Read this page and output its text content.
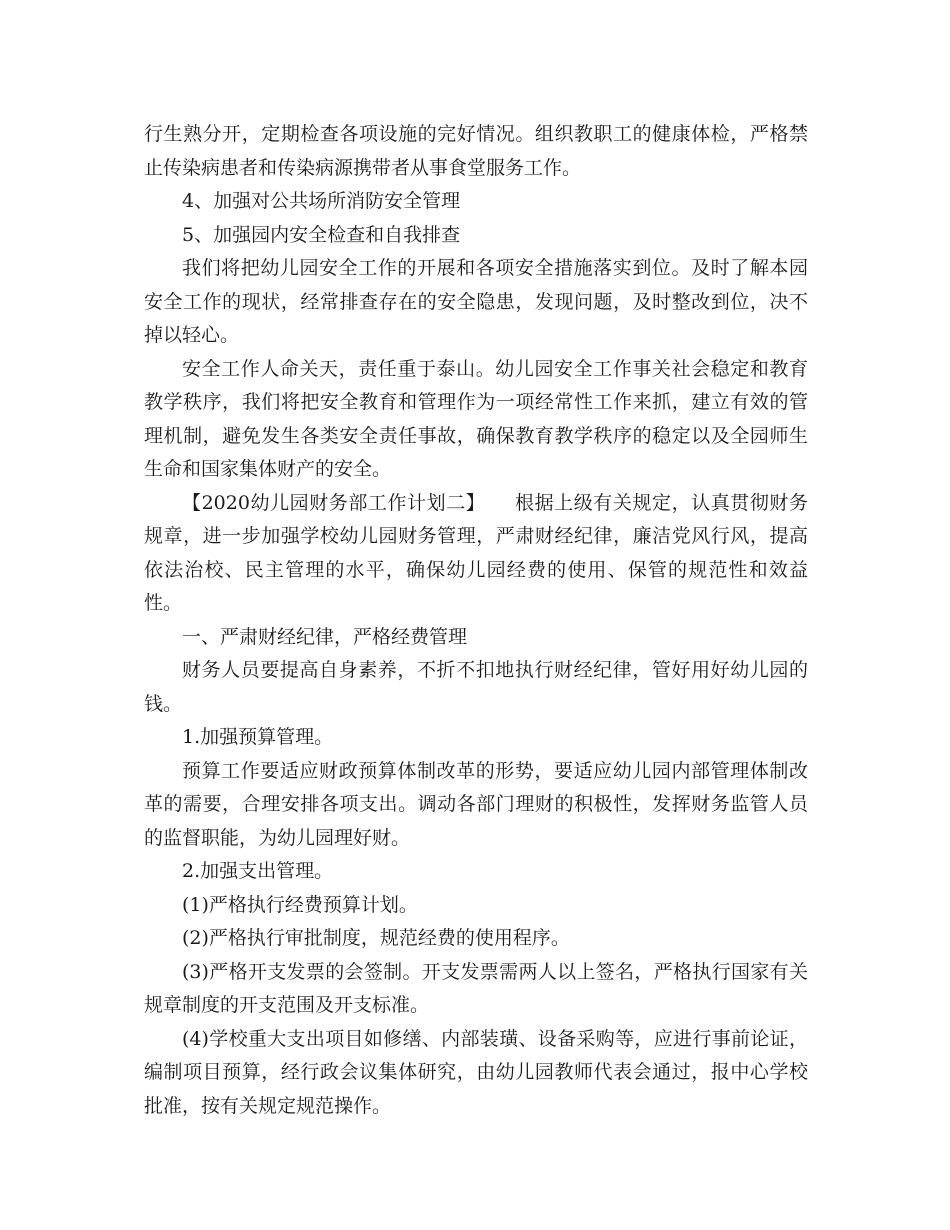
行生熟分开，定期检查各项设施的完好情况。组织教职工的健康体检，严格禁止传染病患者和传染病源携带者从事食堂服务工作。

4、加强对公共场所消防安全管理

5、加强园内安全检查和自我排查

我们将把幼儿园安全工作的开展和各项安全措施落实到位。及时了解本园安全工作的现状，经常排查存在的安全隐患，发现问题，及时整改到位，决不掉以轻心。

安全工作人命关天，责任重于泰山。幼儿园安全工作事关社会稳定和教育教学秩序，我们将把安全教育和管理作为一项经常性工作来抓，建立有效的管理机制，避免发生各类安全责任事故，确保教育教学秩序的稳定以及全园师生生命和国家集体财产的安全。

【2020幼儿园财务部工作计划二】　　根据上级有关规定，认真贯彻财务规章，进一步加强学校幼儿园财务管理，严肃财经纪律，廉洁党风行风，提高依法治校、民主管理的水平，确保幼儿园经费的使用、保管的规范性和效益性。

一、严肃财经纪律，严格经费管理

财务人员要提高自身素养，不折不扣地执行财经纪律，管好用好幼儿园的钱。

1.加强预算管理。

预算工作要适应财政预算体制改革的形势，要适应幼儿园内部管理体制改革的需要，合理安排各项支出。调动各部门理财的积极性，发挥财务监管人员的监督职能，为幼儿园理好财。

2.加强支出管理。

(1)严格执行经费预算计划。

(2)严格执行审批制度，规范经费的使用程序。

(3)严格开支发票的会签制。开支发票需两人以上签名，严格执行国家有关规章制度的开支范围及开支标准。

(4)学校重大支出项目如修缮、内部装璜、设备采购等，应进行事前论证，编制项目预算，经行政会议集体研究，由幼儿园教师代表会通过，报中心学校批准，按有关规定规范操作。
